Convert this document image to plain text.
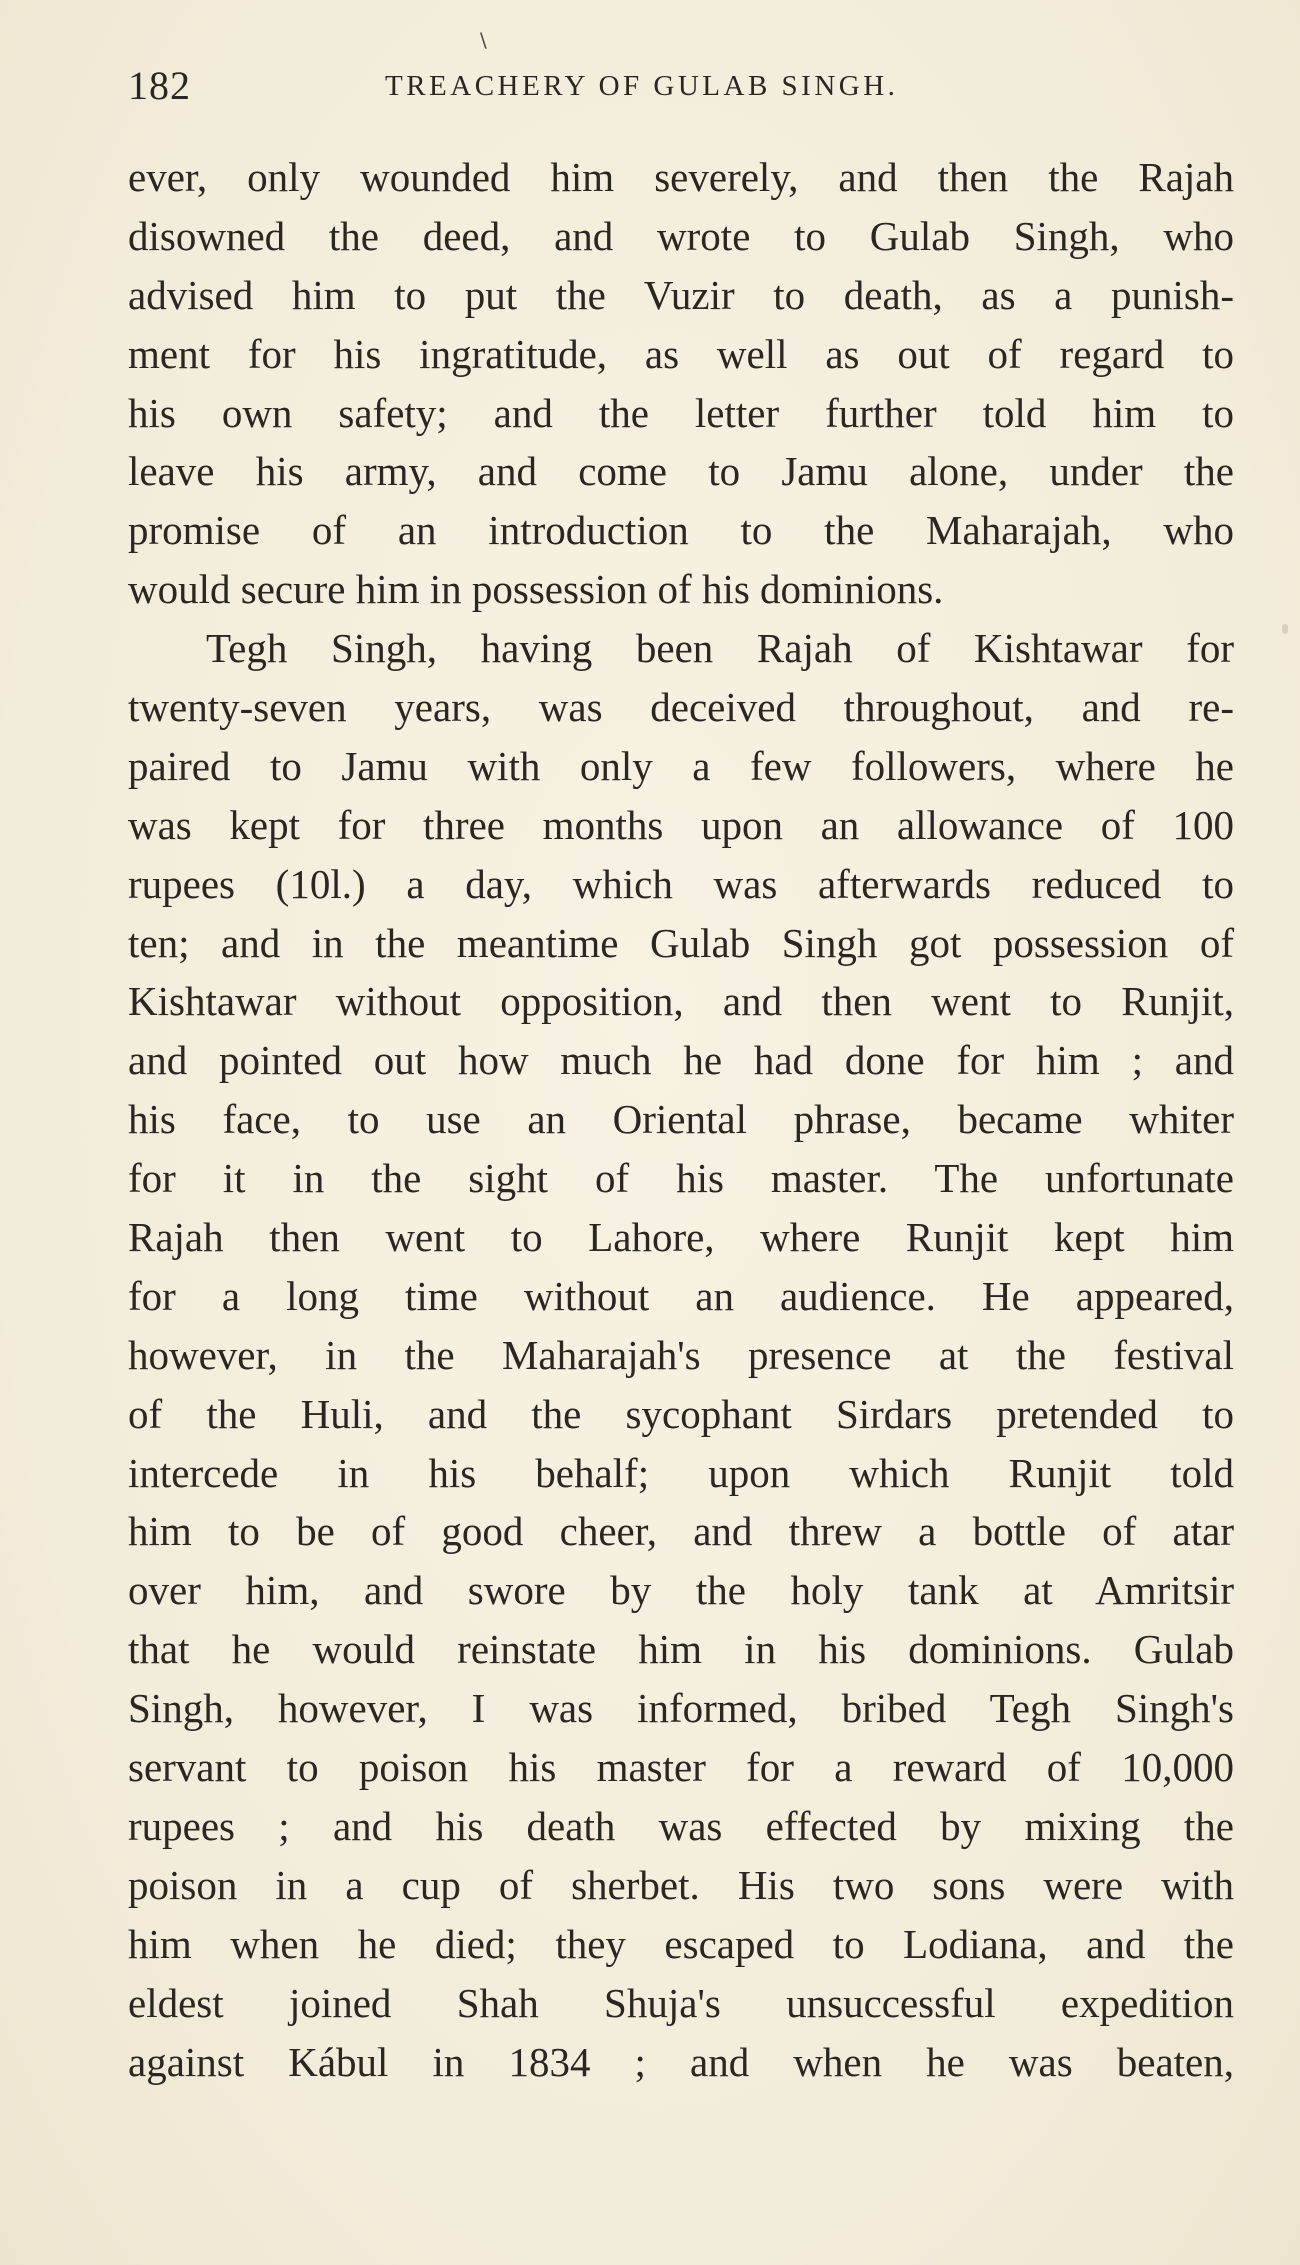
\
182	TREACHERY OF GULAB SINGH.
ever, only wounded him severely, and then the Rajah
disowned the deed, and wrote to Gulab Singh, who
advised him to put the Vuzir to death, as a punish-
ment for his ingratitude, as well as out of regard to
his own safety; and the letter further told him to
leave his army, and come to Jamu alone, under the
promise of an introduction to the Maharajah, who
would secure him in possession of his dominions.
Tegh Singh, having been Rajah of Kishtawar for
twenty-seven years, was deceived throughout, and re-
paired to Jamu with only a few followers, where he
was kept for three months upon an allowance of 100
rupees (10l.) a day, which was afterwards reduced to
ten; and in the meantime Gulab Singh got possession of
Kishtawar without opposition, and then went to Runjit,
and pointed out how much he had done for him ; and
his face, to use an Oriental phrase, became whiter
for it in the sight of his master. The unfortunate
Rajah then went to Lahore, where Runjit kept him
for a long time without an audience. He appeared,
however, in the Maharajah's presence at the festival
of the Huli, and the sycophant Sirdars pretended to
intercede in his behalf; upon which Runjit told
him to be of good cheer, and threw a bottle of atar
over him, and swore by the holy tank at Amritsir
that he would reinstate him in his dominions. Gulab
Singh, however, I was informed, bribed Tegh Singh's
servant to poison his master for a reward of 10,000
rupees ; and his death was effected by mixing the
poison in a cup of sherbet. His two sons were with
him when he died; they escaped to Lodiana, and the
eldest joined Shah Shuja's unsuccessful expedition
against Kábul in 1834 ; and when he was beaten,
